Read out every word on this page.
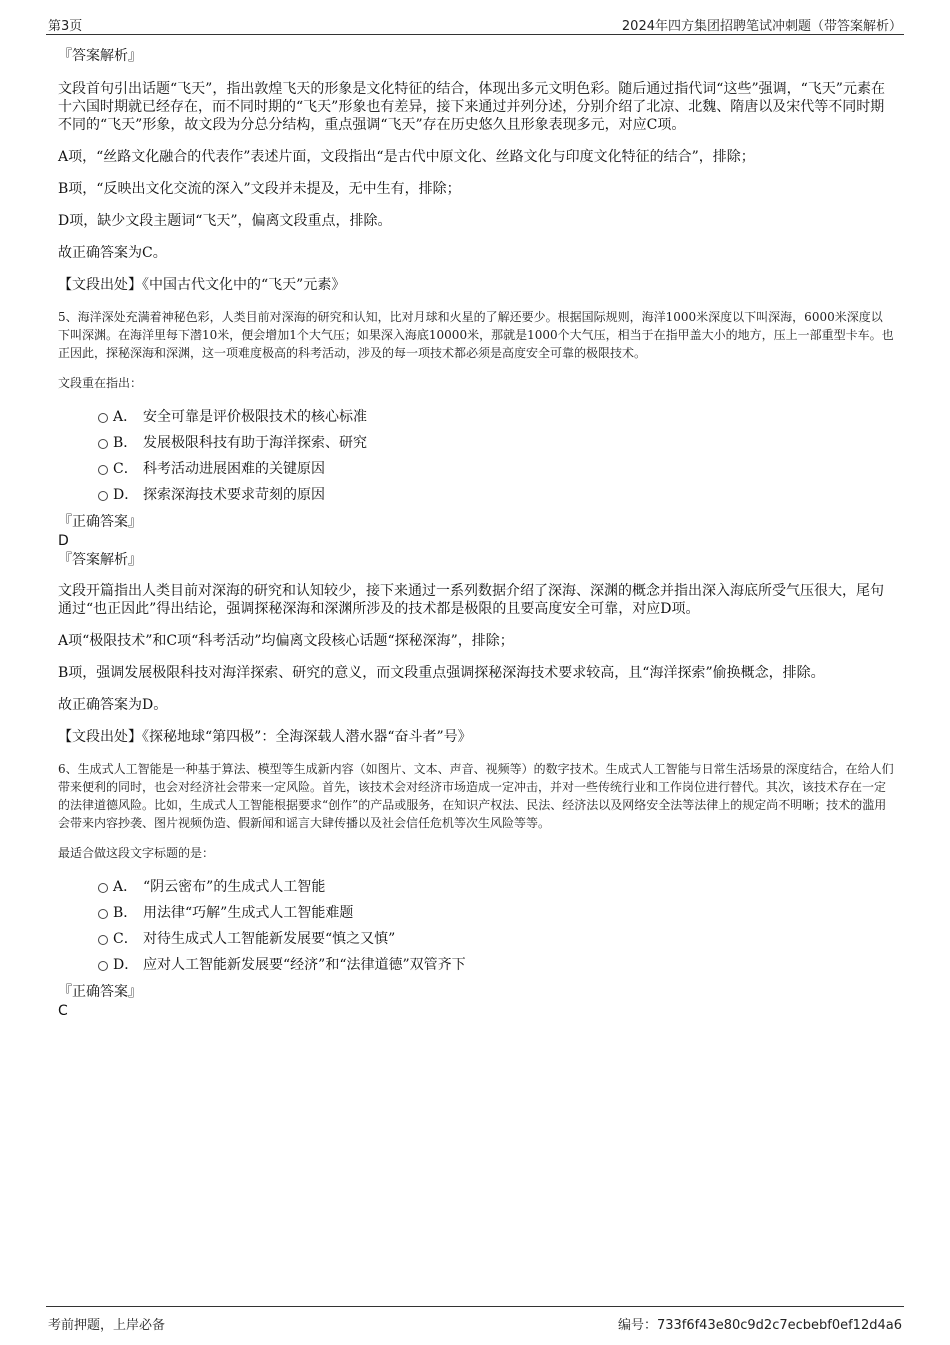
第3页	2024年四方集团招聘笔试冲刺题（带答案解析）

『答案解析』

文段首句引出话题“飞天”，指出敦煌飞天的形象是文化特征的结合，体现出多元文明色彩。随后通过指代词“这些”强调，“飞天”元素在十六国时期就已经存在，而不同时期的“飞天”形象也有差异，接下来通过并列分述，分别介绍了北凉、北魏、隋唐以及宋代等不同时期不同的“飞天”形象，故文段为分总分结构，重点强调“飞天”存在历史悠久且形象表现多元，对应C项。

A项，“丝路文化融合的代表作”表述片面，文段指出“是古代中原文化、丝路文化与印度文化特征的结合”，排除；

B项，“反映出文化交流的深入”文段并未提及，无中生有，排除；

D项，缺少文段主题词“飞天”，偏离文段重点，排除。

故正确答案为C。

【文段出处】《中国古代文化中的“飞天”元素》

5、海洋深处充满着神秘色彩，人类目前对深海的研究和认知，比对月球和火星的了解还要少。根据国际规则，海洋1000米深度以下叫深海，6000米深度以下叫深渊。在海洋里每下潜10米，便会增加1个大气压；如果深入海底10000米，那就是1000个大气压，相当于在指甲盖大小的地方，压上一部重型卡车。也正因此，探秘深海和深渊，这一项难度极高的科考活动，涉及的每一项技术都必须是高度安全可靠的极限技术。

文段重在指出：

A． 安全可靠是评价极限技术的核心标准
B． 发展极限科技有助于海洋探索、研究
C． 科考活动进展困难的关键原因
D． 探索深海技术要求苛刻的原因

『正确答案』

D

『答案解析』

文段开篇指出人类目前对深海的研究和认知较少，接下来通过一系列数据介绍了深海、深渊的概念并指出深入海底所受气压很大，尾句通过“也正因此”得出结论，强调探秘深海和深渊所涉及的技术都是极限的且要高度安全可靠，对应D项。

A项“极限技术”和C项“科考活动”均偏离文段核心话题“探秘深海”，排除；

B项，强调发展极限科技对海洋探索、研究的意义，而文段重点强调探秘深海技术要求较高，且“海洋探索”偷换概念，排除。

故正确答案为D。

【文段出处】《探秘地球“第四极”：全海深载人潜水器“奋斗者”号》

6、生成式人工智能是一种基于算法、模型等生成新内容（如图片、文本、声音、视频等）的数字技术。生成式人工智能与日常生活场景的深度结合，在给人们带来便利的同时，也会对经济社会带来一定风险。首先，该技术会对经济市场造成一定冲击，并对一些传统行业和工作岗位进行替代。其次，该技术存在一定的法律道德风险。比如，生成式人工智能根据要求“创作”的产品或服务，在知识产权法、民法、经济法以及网络安全法等法律上的规定尚不明晰；技术的滥用会带来内容抄袭、图片视频伪造、假新闻和谣言大肆传播以及社会信任危机等次生风险等等。

最适合做这段文字标题的是：

A． “阴云密布”的生成式人工智能
B． 用法律“巧解”生成式人工智能难题
C． 对待生成式人工智能新发展要“慎之又慎”
D． 应对人工智能新发展要“经济”和“法律道德”双管齐下

『正确答案』

C

考前押题，上岸必备	编号：733f6f43e80c9d2c7ecbebf0ef12d4a6
